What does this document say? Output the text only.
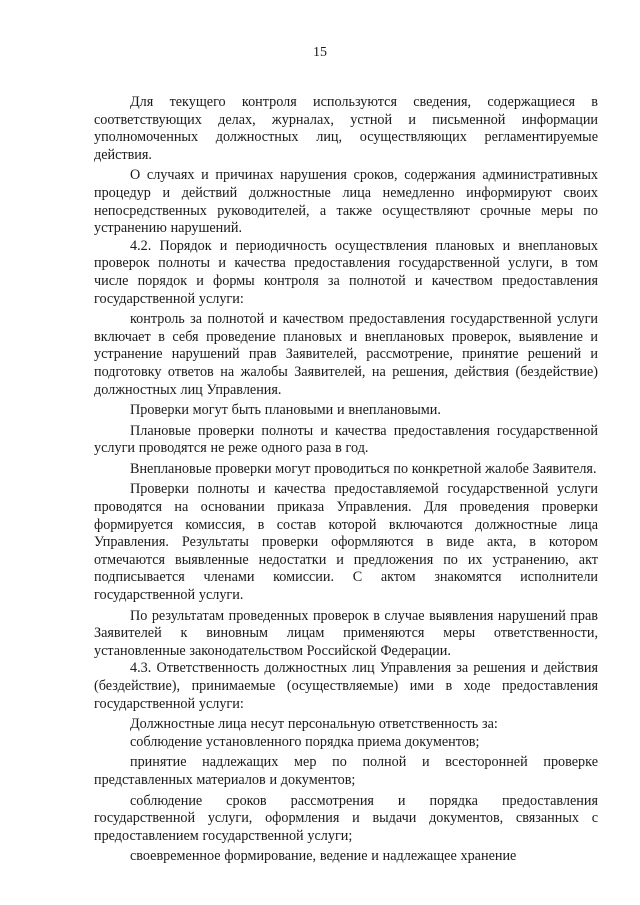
15

Для текущего контроля используются сведения, содержащиеся в соответствующих делах, журналах, устной и письменной информации уполномоченных должностных лиц, осуществляющих регламентируемые действия.

О случаях и причинах нарушения сроков, содержания административных процедур и действий должностные лица немедленно информируют своих непосредственных руководителей, а также осуществляют срочные меры по устранению нарушений.

4.2. Порядок и периодичность осуществления плановых и внеплановых проверок полноты и качества предоставления государственной услуги, в том числе порядок и формы контроля за полнотой и качеством предоставления государственной услуги:

контроль за полнотой и качеством предоставления государственной услуги включает в себя проведение плановых и внеплановых проверок, выявление и устранение нарушений прав Заявителей, рассмотрение, принятие решений и подготовку ответов на жалобы Заявителей, на решения, действия (бездействие) должностных лиц Управления.

Проверки могут быть плановыми и внеплановыми.

Плановые проверки полноты и качества предоставления государственной услуги проводятся не реже одного раза в год.

Внеплановые проверки могут проводиться по конкретной жалобе Заявителя.

Проверки полноты и качества предоставляемой государственной услуги проводятся на основании приказа Управления. Для проведения проверки формируется комиссия, в состав которой включаются должностные лица Управления. Результаты проверки оформляются в виде акта, в котором отмечаются выявленные недостатки и предложения по их устранению, акт подписывается членами комиссии. С актом знакомятся исполнители государственной услуги.

По результатам проведенных проверок в случае выявления нарушений прав Заявителей к виновным лицам применяются меры ответственности, установленные законодательством Российской Федерации.

4.3. Ответственность должностных лиц Управления за решения и действия (бездействие), принимаемые (осуществляемые) ими в ходе предоставления государственной услуги:

Должностные лица несут персональную ответственность за:

соблюдение установленного порядка приема документов;

принятие надлежащих мер по полной и всесторонней проверке представленных материалов и документов;

соблюдение сроков рассмотрения и порядка предоставления государственной услуги, оформления и выдачи документов, связанных с предоставлением государственной услуги;

своевременное формирование, ведение и надлежащее хранение
